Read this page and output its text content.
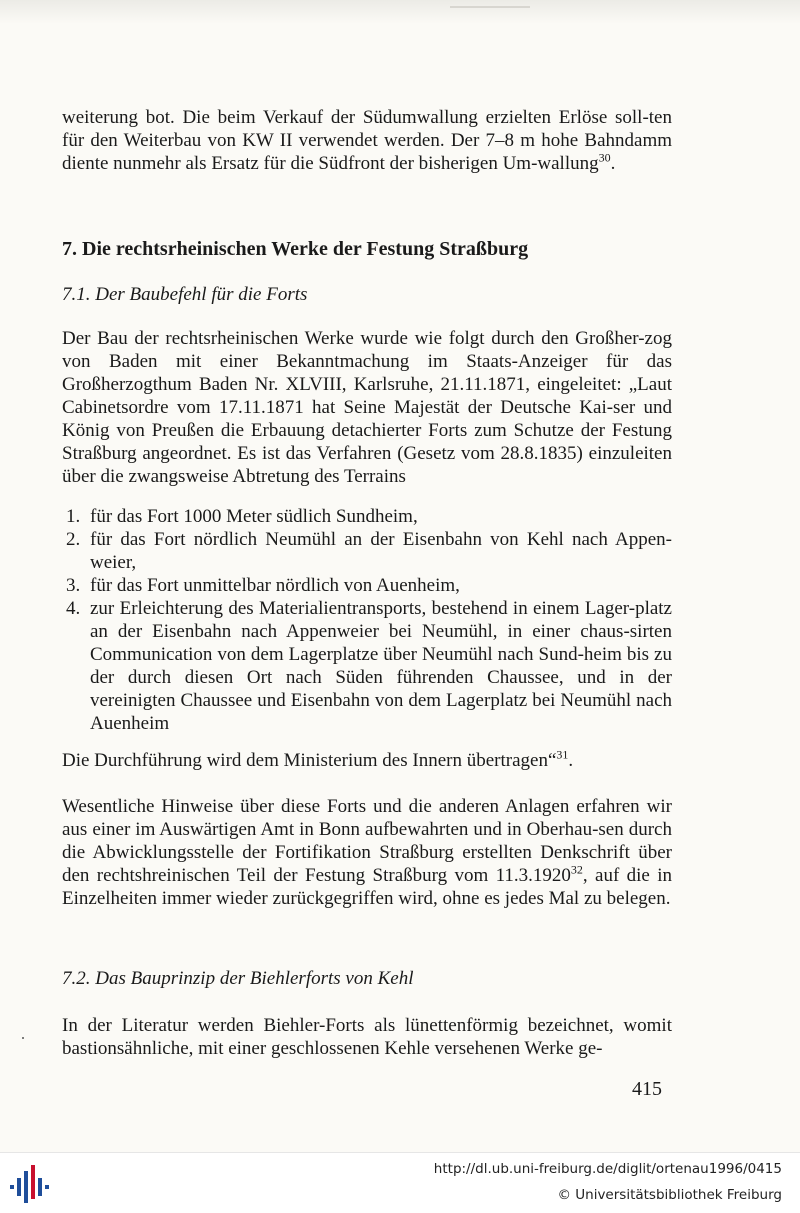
weiterung bot. Die beim Verkauf der Südumwallung erzielten Erlöse soll-ten für den Weiterbau von KW II verwendet werden. Der 7–8 m hohe Bahndamm diente nunmehr als Ersatz für die Südfront der bisherigen Um-wallung$^{30}$.

7. Die rechtsrheinischen Werke der Festung Straßburg
7.1. Der Baubefehl für die Forts

Der Bau der rechtsrheinischen Werke wurde wie folgt durch den Großher-zog von Baden mit einer Bekanntmachung im Staats-Anzeiger für das Großherzogthum Baden Nr. XLVIII, Karlsruhe, 21.11.1871, eingeleitet: „Laut Cabinetsordre vom 17.11.1871 hat Seine Majestät der Deutsche Kai-ser und König von Preußen die Erbauung detachierter Forts zum Schutze der Festung Straßburg angeordnet. Es ist das Verfahren (Gesetz vom 28.8.1835) einzuleiten über die zwangsweise Abtretung des Terrains

1. für das Fort 1000 Meter südlich Sundheim,
2. für das Fort nördlich Neumühl an der Eisenbahn von Kehl nach Appen-weier,
3. für das Fort unmittelbar nördlich von Auenheim,
4. zur Erleichterung des Materialientransports, bestehend in einem Lager-platz an der Eisenbahn nach Appenweier bei Neumühl, in einer chaus-sirten Communication von dem Lagerplatze über Neumühl nach Sund-heim bis zu der durch diesen Ort nach Süden führenden Chaussee, und in der vereinigten Chaussee und Eisenbahn von dem Lagerplatz bei Neumühl nach Auenheim

Die Durchführung wird dem Ministerium des Innern übertragen“$^{31}$.

Wesentliche Hinweise über diese Forts und die anderen Anlagen erfahren wir aus einer im Auswärtigen Amt in Bonn aufbewahrten und in Oberhau-sen durch die Abwicklungsstelle der Fortifikation Straßburg erstellten Denkschrift über den rechtshreinischen Teil der Festung Straßburg vom 11.3.1920$^{32}$, auf die in Einzelheiten immer wieder zurückgegriffen wird, ohne es jedes Mal zu belegen.

7.2. Das Bauprinzip der Biehlerforts von Kehl

In der Literatur werden Biehler-Forts als lünettenförmig bezeichnet, womit bastionsähnliche, mit einer geschlossenen Kehle versehenen Werke ge-

415
http://dl.ub.uni-freiburg.de/diglit/ortenau1996/0415
© Universitätsbibliothek Freiburg
